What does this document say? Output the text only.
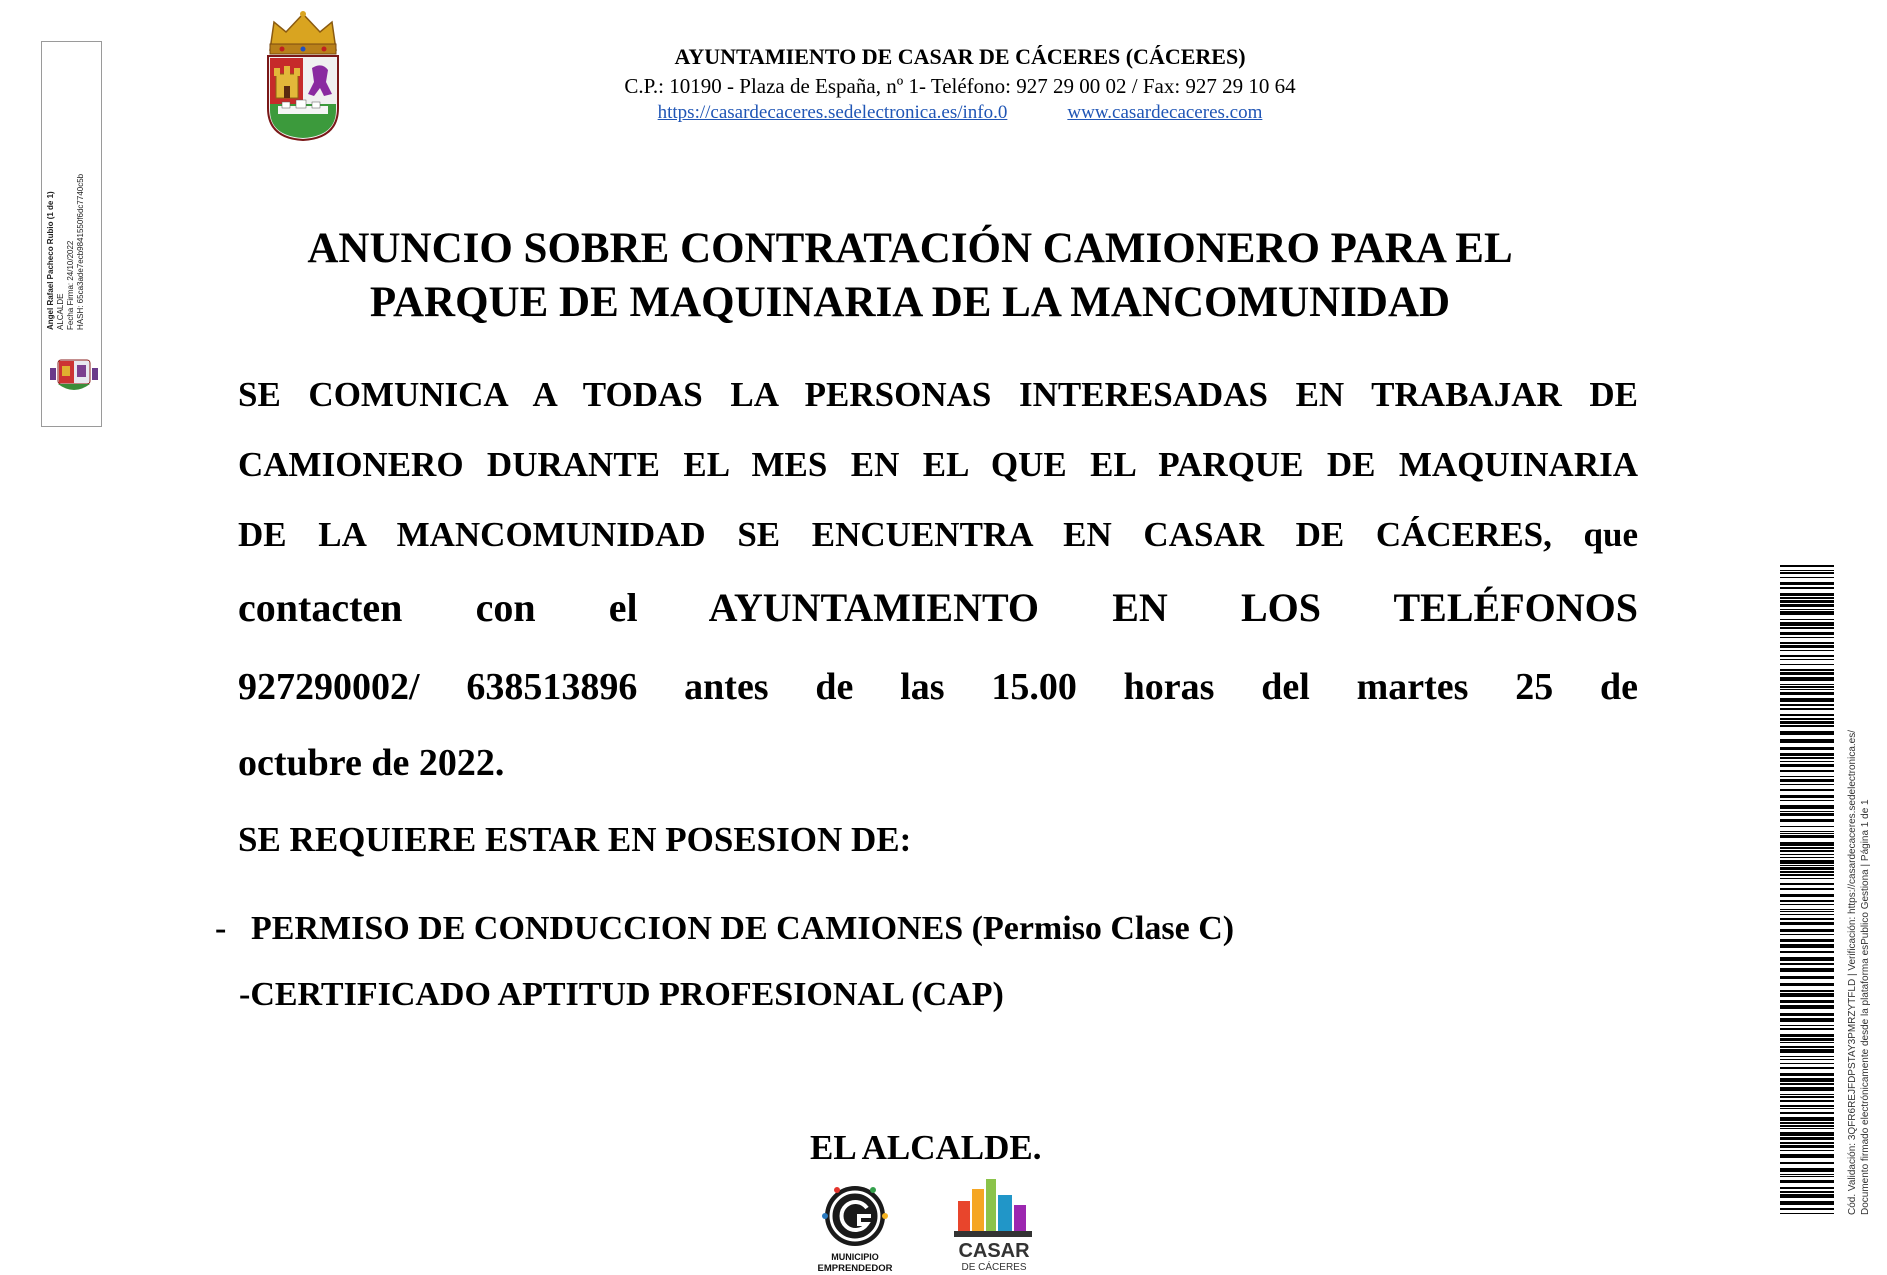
Angel Rafael Pacheco Rubio (1 de 1) ALCALDE Fecha Firma: 24/10/2022 HASH: 65ca3ade7ecb9841550f6dc7740c5b
AYUNTAMIENTO DE CASAR DE CÁCERES (CÁCERES)
C.P.: 10190 - Plaza de España, nº 1- Teléfono: 927 29 00 02 / Fax: 927 29 10 64
https://casardecaceres.sedelectronica.es/info.0	www.casardecaceres.com
ANUNCIO SOBRE CONTRATACIÓN CAMIONERO PARA EL
PARQUE DE MAQUINARIA DE LA MANCOMUNIDAD
SE COMUNICA A TODAS LA PERSONAS INTERESADAS EN TRABAJAR DE
CAMIONERO DURANTE EL MES EN EL QUE EL PARQUE DE MAQUINARIA
DE LA MANCOMUNIDAD SE ENCUENTRA EN CASAR DE CÁCERES, que
contacten con el AYUNTAMIENTO EN LOS TELÉFONOS
927290002/ 638513896 antes de las 15.00 horas del martes 25 de
octubre de 2022.
SE REQUIERE ESTAR EN POSESION DE:
- PERMISO DE CONDUCCION DE CAMIONES (Permiso Clase C)
-CERTIFICADO APTITUD PROFESIONAL (CAP)
EL ALCALDE.
MUNICIPIO
EMPRENDEDOR
CASAR
DE CÁCERES
Cód. Validación: 3QFR6REJFDPSTAY3PMRZYTFLD | Verificación: https://casardecaceres.sedelectronica.es/ Documento firmado electrónicamente desde la plataforma esPublico Gestiona | Página 1 de 1
